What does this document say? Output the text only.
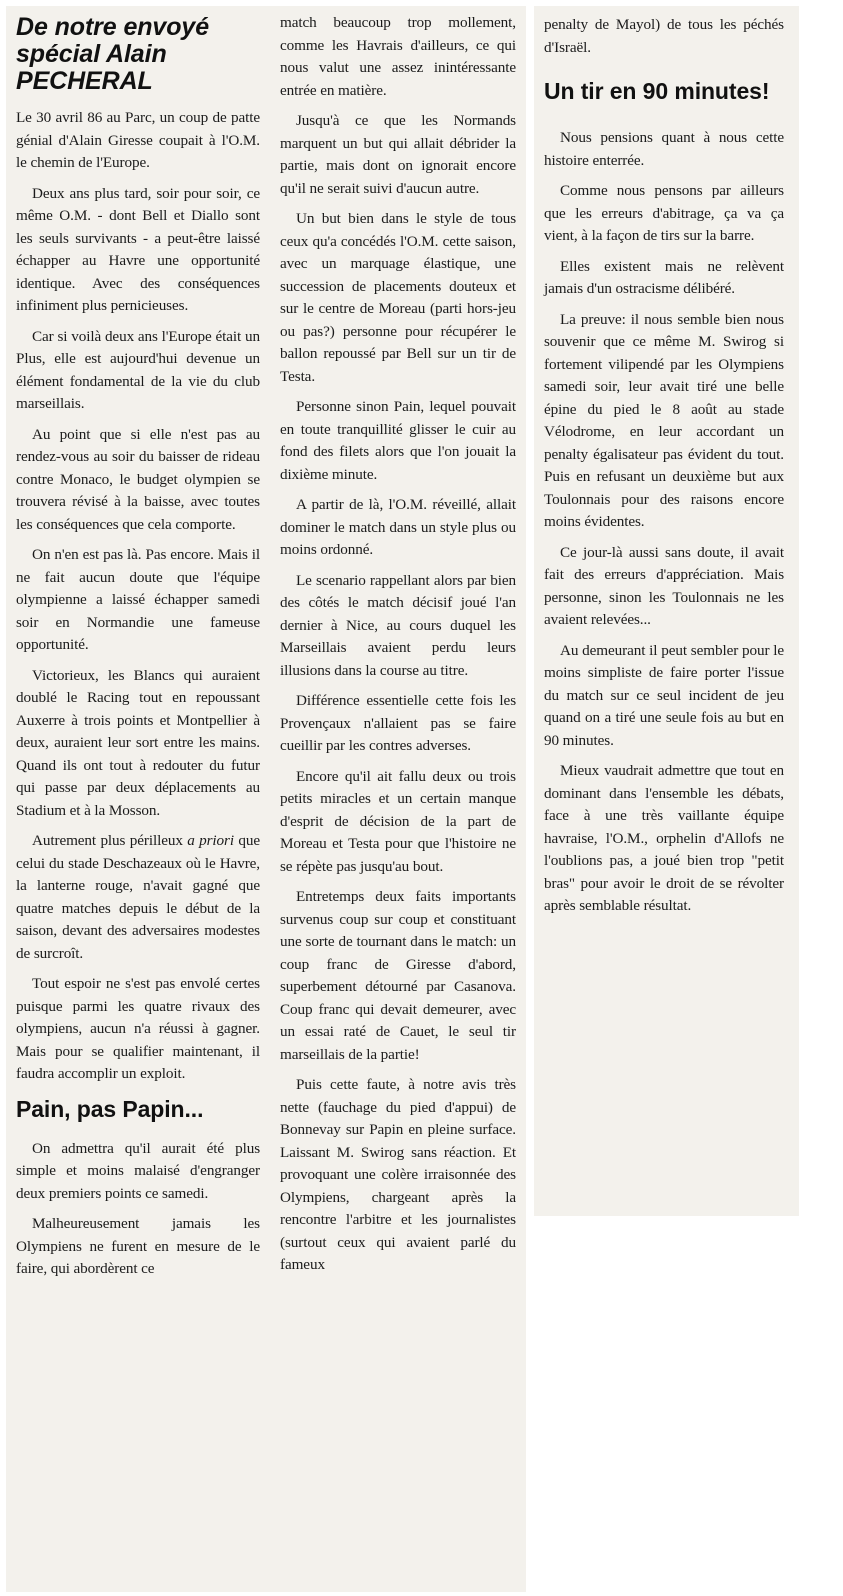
De notre envoyé spécial Alain PECHERAL

Le 30 avril 86 au Parc, un coup de patte génial d'Alain Giresse coupait à l'O.M. le chemin de l'Europe.

Deux ans plus tard, soir pour soir, ce même O.M. - dont Bell et Diallo sont les seuls survivants - a peut-être laissé échapper au Havre une opportunité identique. Avec des conséquences infiniment plus pernicieuses.

Car si voilà deux ans l'Europe était un Plus, elle est aujourd'hui devenue un élément fondamental de la vie du club marseillais.

Au point que si elle n'est pas au rendez-vous au soir du baisser de rideau contre Monaco, le budget olympien se trouvera révisé à la baisse, avec toutes les conséquences que cela comporte.

On n'en est pas là. Pas encore. Mais il ne fait aucun doute que l'équipe olympienne a laissé échapper samedi soir en Normandie une fameuse opportunité.

Victorieux, les Blancs qui auraient doublé le Racing tout en repoussant Auxerre à trois points et Montpellier à deux, auraient leur sort entre les mains. Quand ils ont tout à redouter du futur qui passe par deux déplacements au Stadium et à la Mosson.

Autrement plus périlleux a priori que celui du stade Deschazeaux où le Havre, la lanterne rouge, n'avait gagné que quatre matches depuis le début de la saison, devant des adversaires modestes de surcroît.

Tout espoir ne s'est pas envolé certes puisque parmi les quatre rivaux des olympiens, aucun n'a réussi à gagner. Mais pour se qualifier maintenant, il faudra accomplir un exploit.

Pain, pas Papin...

On admettra qu'il aurait été plus simple et moins malaisé d'engranger deux premiers points ce samedi.

Malheureusement jamais les Olympiens ne furent en mesure de le faire, qui abordèrent ce

match beaucoup trop mollement, comme les Havrais d'ailleurs, ce qui nous valut une assez inintéressante entrée en matière.

Jusqu'à ce que les Normands marquent un but qui allait débrider la partie, mais dont on ignorait encore qu'il ne serait suivi d'aucun autre.

Un but bien dans le style de tous ceux qu'a concédés l'O.M. cette saison, avec un marquage élastique, une succession de placements douteux et sur le centre de Moreau (parti hors-jeu ou pas?) personne pour récupérer le ballon repoussé par Bell sur un tir de Testa.

Personne sinon Pain, lequel pouvait en toute tranquillité glisser le cuir au fond des filets alors que l'on jouait la dixième minute.

A partir de là, l'O.M. réveillé, allait dominer le match dans un style plus ou moins ordonné.

Le scenario rappellant alors par bien des côtés le match décisif joué l'an dernier à Nice, au cours duquel les Marseillais avaient perdu leurs illusions dans la course au titre.

Différence essentielle cette fois les Provençaux n'allaient pas se faire cueillir par les contres adverses.

Encore qu'il ait fallu deux ou trois petits miracles et un certain manque d'esprit de décision de la part de Moreau et Testa pour que l'histoire ne se répète pas jusqu'au bout.

Entretemps deux faits importants survenus coup sur coup et constituant une sorte de tournant dans le match: un coup franc de Giresse d'abord, superbement détourné par Casanova. Coup franc qui devait demeurer, avec un essai raté de Cauet, le seul tir marseillais de la partie!

Puis cette faute, à notre avis très nette (fauchage du pied d'appui) de Bonnevay sur Papin en pleine surface. Laissant M. Swirog sans réaction. Et provoquant une colère irraisonnée des Olympiens, chargeant après la rencontre l'arbitre et les journalistes (surtout ceux qui avaient parlé du fameux

penalty de Mayol) de tous les péchés d'Israël.

Un tir en 90 minutes!

Nous pensions quant à nous cette histoire enterrée.

Comme nous pensons par ailleurs que les erreurs d'abitrage, ça va ça vient, à la façon de tirs sur la barre.

Elles existent mais ne relèvent jamais d'un ostracisme délibéré.

La preuve: il nous semble bien nous souvenir que ce même M. Swirog si fortement vilipendé par les Olympiens samedi soir, leur avait tiré une belle épine du pied le 8 août au stade Vélodrome, en leur accordant un penalty égalisateur pas évident du tout. Puis en refusant un deuxième but aux Toulonnais pour des raisons encore moins évidentes.

Ce jour-là aussi sans doute, il avait fait des erreurs d'appréciation. Mais personne, sinon les Toulonnais ne les avaient relevées...

Au demeurant il peut sembler pour le moins simpliste de faire porter l'issue du match sur ce seul incident de jeu quand on a tiré une seule fois au but en 90 minutes.

Mieux vaudrait admettre que tout en dominant dans l'ensemble les débats, face à une très vaillante équipe havraise, l'O.M., orphelin d'Allofs ne l'oublions pas, a joué bien trop "petit bras" pour avoir le droit de se révolter après semblable résultat.
